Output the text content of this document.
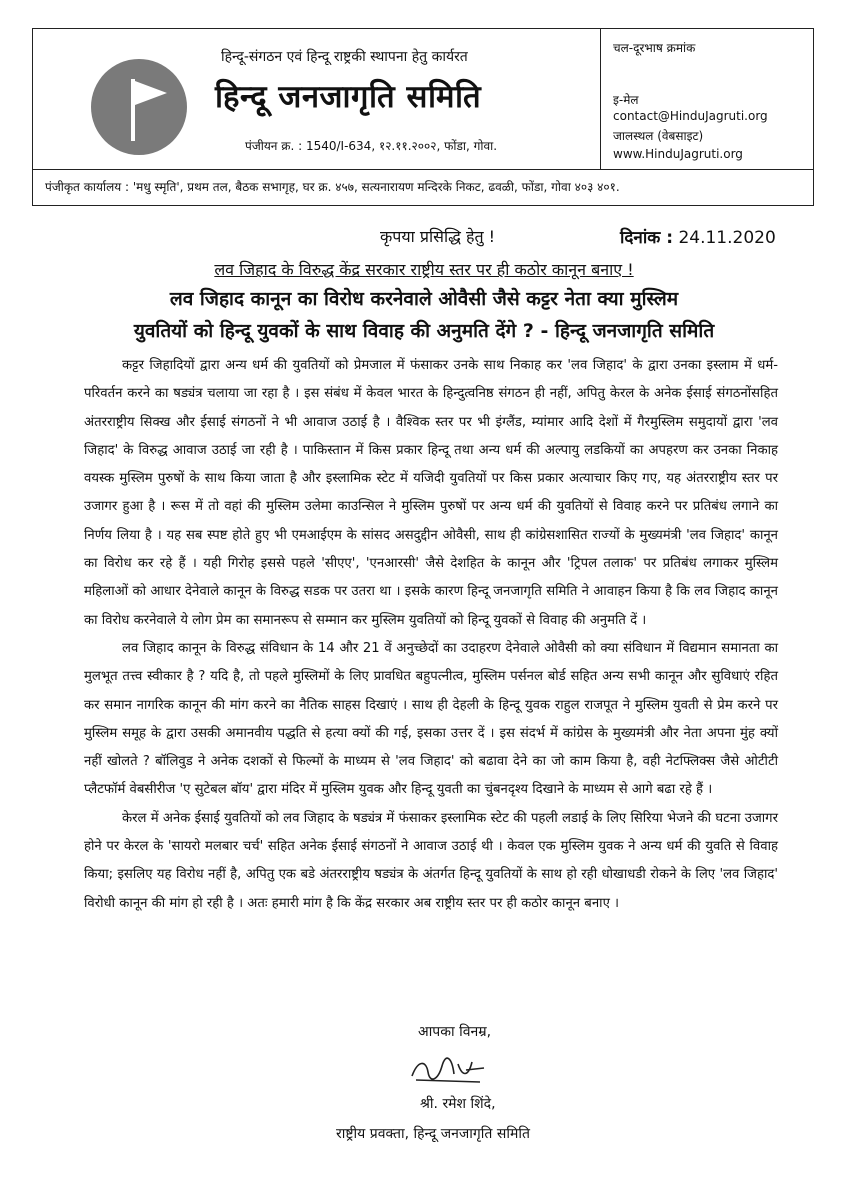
हिन्दू-संगठन एवं हिन्दू राष्ट्रकी स्थापना हेतु कार्यरत
हिन्दू जनजागृति समिति
पंजीयन क्र. : 1540/I-634, १२.११.२००२, फोंडा, गोवा.
चल-दूरभाष क्रमांक
इ-मेल
contact@HinduJagruti.org
जालस्थल (वेबसाइट)
www.HinduJagruti.org
पंजीकृत कार्यालय : 'मधु स्मृति', प्रथम तल, बैठक सभागृह, घर क्र. ४५७, सत्यनारायण मन्दिरके निकट, ढवळी, फोंडा, गोवा ४०३ ४०१.
कृपया प्रसिद्धि हेतु !	दिनांक : 24.11.2020
लव जिहाद के विरुद्ध केंद्र सरकार राष्ट्रीय स्तर पर ही कठोर कानून बनाए !
लव जिहाद कानून का विरोध करनेवाले ओवैसी जैसे कट्टर नेता क्या मुस्लिम
युवतियों को हिन्दू युवकों के साथ विवाह की अनुमति देंगे ? - हिन्दू जनजागृति समिति

कट्टर जिहादियों द्वारा अन्य धर्म की युवतियों को प्रेमजाल में फंसाकर उनके साथ निकाह कर 'लव जिहाद' के द्वारा उनका इस्लाम में धर्म-परिवर्तन करने का षड्यंत्र चलाया जा रहा है । इस संबंध में केवल भारत के हिन्दुत्वनिष्ठ संगठन ही नहीं, अपितु केरल के अनेक ईसाई संगठनोंसहित अंतरराष्ट्रीय सिक्ख और ईसाई संगठनों ने भी आवाज उठाई है । वैश्विक स्तर पर भी इंग्लैंड, म्यांमार आदि देशों में गैरमुस्लिम समुदायों द्वारा 'लव जिहाद' के विरुद्ध आवाज उठाई जा रही है । पाकिस्तान में किस प्रकार हिन्दू तथा अन्य धर्म की अल्पायु लडकियों का अपहरण कर उनका निकाह वयस्क मुस्लिम पुरुषों के साथ किया जाता है और इस्लामिक स्टेट में यजिदी युवतियों पर किस प्रकार अत्याचार किए गए, यह अंतरराष्ट्रीय स्तर पर उजागर हुआ है । रूस में तो वहां की मुस्लिम उलेमा काउन्सिल ने मुस्लिम पुरुषों पर अन्य धर्म की युवतियों से विवाह करने पर प्रतिबंध लगाने का निर्णय लिया है । यह सब स्पष्ट होते हुए भी एमआईएम के सांसद असदुद्दीन ओवैसी, साथ ही कांग्रेसशासित राज्यों के मुख्यमंत्री 'लव जिहाद' कानून का विरोध कर रहे हैं । यही गिरोह इससे पहले 'सीएए', 'एनआरसी' जैसे देशहित के कानून और 'ट्रिपल तलाक' पर प्रतिबंध लगाकर मुस्लिम महिलाओं को आधार देनेवाले कानून के विरुद्ध सडक पर उतरा था । इसके कारण हिन्दू जनजागृति समिति ने आवाहन किया है कि लव जिहाद कानून का विरोध करनेवाले ये लोग प्रेम का समानरूप से सम्मान कर मुस्लिम युवतियों को हिन्दू युवकों से विवाह की अनुमति दें ।

लव जिहाद कानून के विरुद्ध संविधान के 14 और 21 वें अनुच्छेदों का उदाहरण देनेवाले ओवैसी को क्या संविधान में विद्यमान समानता का मुलभूत तत्त्व स्वीकार है ? यदि है, तो पहले मुस्लिमों के लिए प्रावधित बहुपत्नीत्व, मुस्लिम पर्सनल बोर्ड सहित अन्य सभी कानून और सुविधाएं रहित कर समान नागरिक कानून की मांग करने का नैतिक साहस दिखाएं । साथ ही देहली के हिन्दू युवक राहुल राजपूत ने मुस्लिम युवती से प्रेम करने पर मुस्लिम समूह के द्वारा उसकी अमानवीय पद्धति से हत्या क्यों की गई, इसका उत्तर दें । इस संदर्भ में कांग्रेस के मुख्यमंत्री और नेता अपना मुंह क्यों नहीं खोलते ? बॉलिवुड ने अनेक दशकों से फिल्मों के माध्यम से 'लव जिहाद' को बढावा देने का जो काम किया है, वही नेटफ्लिक्स जैसे ओटीटी प्लैटफॉर्म वेबसीरीज 'ए सुटेबल बॉय' द्वारा मंदिर में मुस्लिम युवक और हिन्दू युवती का चुंबनदृश्य दिखाने के माध्यम से आगे बढा रहे हैं ।

केरल में अनेक ईसाई युवतियों को लव जिहाद के षड्यंत्र में फंसाकर इस्लामिक स्टेट की पहली लडाई के लिए सिरिया भेजने की घटना उजागर होने पर केरल के 'सायरो मलबार चर्च' सहित अनेक ईसाई संगठनों ने आवाज उठाई थी । केवल एक मुस्लिम युवक ने अन्य धर्म की युवति से विवाह किया; इसलिए यह विरोध नहीं है, अपितु एक बडे अंतरराष्ट्रीय षड्यंत्र के अंतर्गत हिन्दू युवतियों के साथ हो रही धोखाधडी रोकने के लिए 'लव जिहाद' विरोधी कानून की मांग हो रही है । अतः हमारी मांग है कि केंद्र सरकार अब राष्ट्रीय स्तर पर ही कठोर कानून बनाए ।

आपका विनम्र,
श्री. रमेश शिंदे,
राष्ट्रीय प्रवक्ता, हिन्दू जनजागृति समिति
